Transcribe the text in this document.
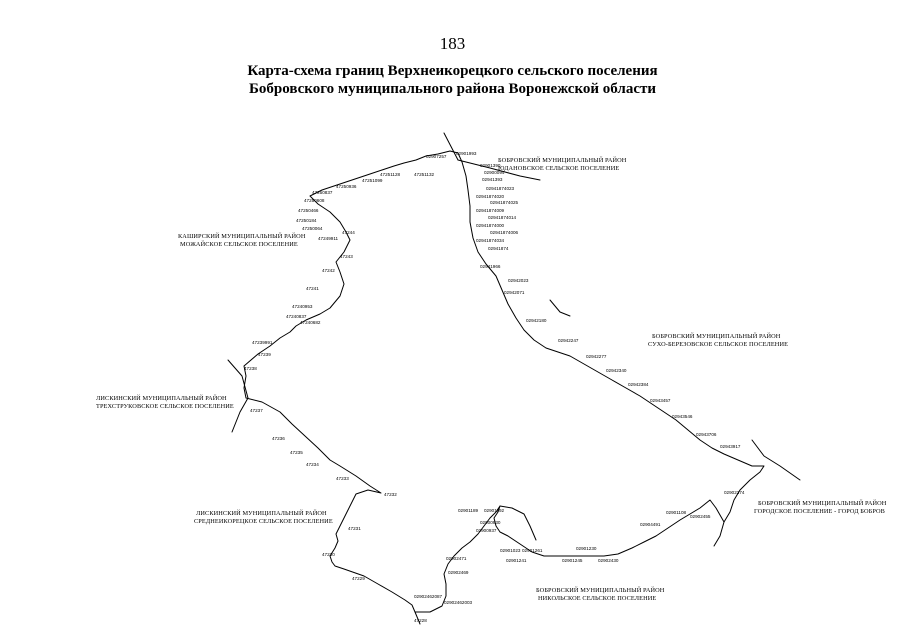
183
Карта-схема границ Верхнеикорецкого сельского поселения
Бобровского муниципального района Воронежской области
БОБРОВСКИЙ МУНИЦИПАЛЬНЫЙ РАЙОН
ЮДАНОВСКОЕ СЕЛЬСКОЕ ПОСЕЛЕНИЕ
КАШИРСКИЙ МУНИЦИПАЛЬНЫЙ РАЙОН
МОЖАЙСКОЕ СЕЛЬСКОЕ ПОСЕЛЕНИЕ
БОБРОВСКИЙ МУНИЦИПАЛЬНЫЙ РАЙОН
СУХО-БЕРЕЗОВСКОЕ СЕЛЬСКОЕ ПОСЕЛЕНИЕ
ЛИСКИНСКИЙ МУНИЦИПАЛЬНЫЙ РАЙОН
ТРЕХСТРУКОВСКОЕ СЕЛЬСКОЕ ПОСЕЛЕНИЕ
ЛИСКИНСКИЙ МУНИЦИПАЛЬНЫЙ РАЙОН
СРЕДНЕИКОРЕЦКОЕ СЕЛЬСКОЕ ПОСЕЛЕНИЕ
БОБРОВСКИЙ МУНИЦИПАЛЬНЫЙ РАЙОН
ГОРОДСКОЕ ПОСЕЛЕНИЕ - ГОРОД БОБРОВ
БОБРОВСКИЙ МУНИЦИПАЛЬНЫЙ РАЙОН
НИКОЛЬСКОЕ СЕЛЬСКОЕ ПОСЕЛЕНИЕ
02907257
02901993
02901390
02900094
02941393
02941874023
02941874020
02941874025
02941874009
02941874014
02941874000
02941874006
02941874034
02941874
02941966
02942023
02942071
02942180
02942247
02942277
02942340
02942384
02943457
02943546
02943706
02943917
47251132
47251128
47251099
47250936
47250837
47250608
47250466
47250184
47250064
47249911
47244
47243
47242
47241
47240953
47240837
47240682
47239991
47239
47238
47237
47236
47235
47234
47233
47232
47231
47230
47229
47228
02901189 02901192
02900930
02900937
02901023 02901261
02901241	02901245
02901230
02902430
02902462087
02902462003
02902469
02902471
02904491
02901108
02902455
02902374
